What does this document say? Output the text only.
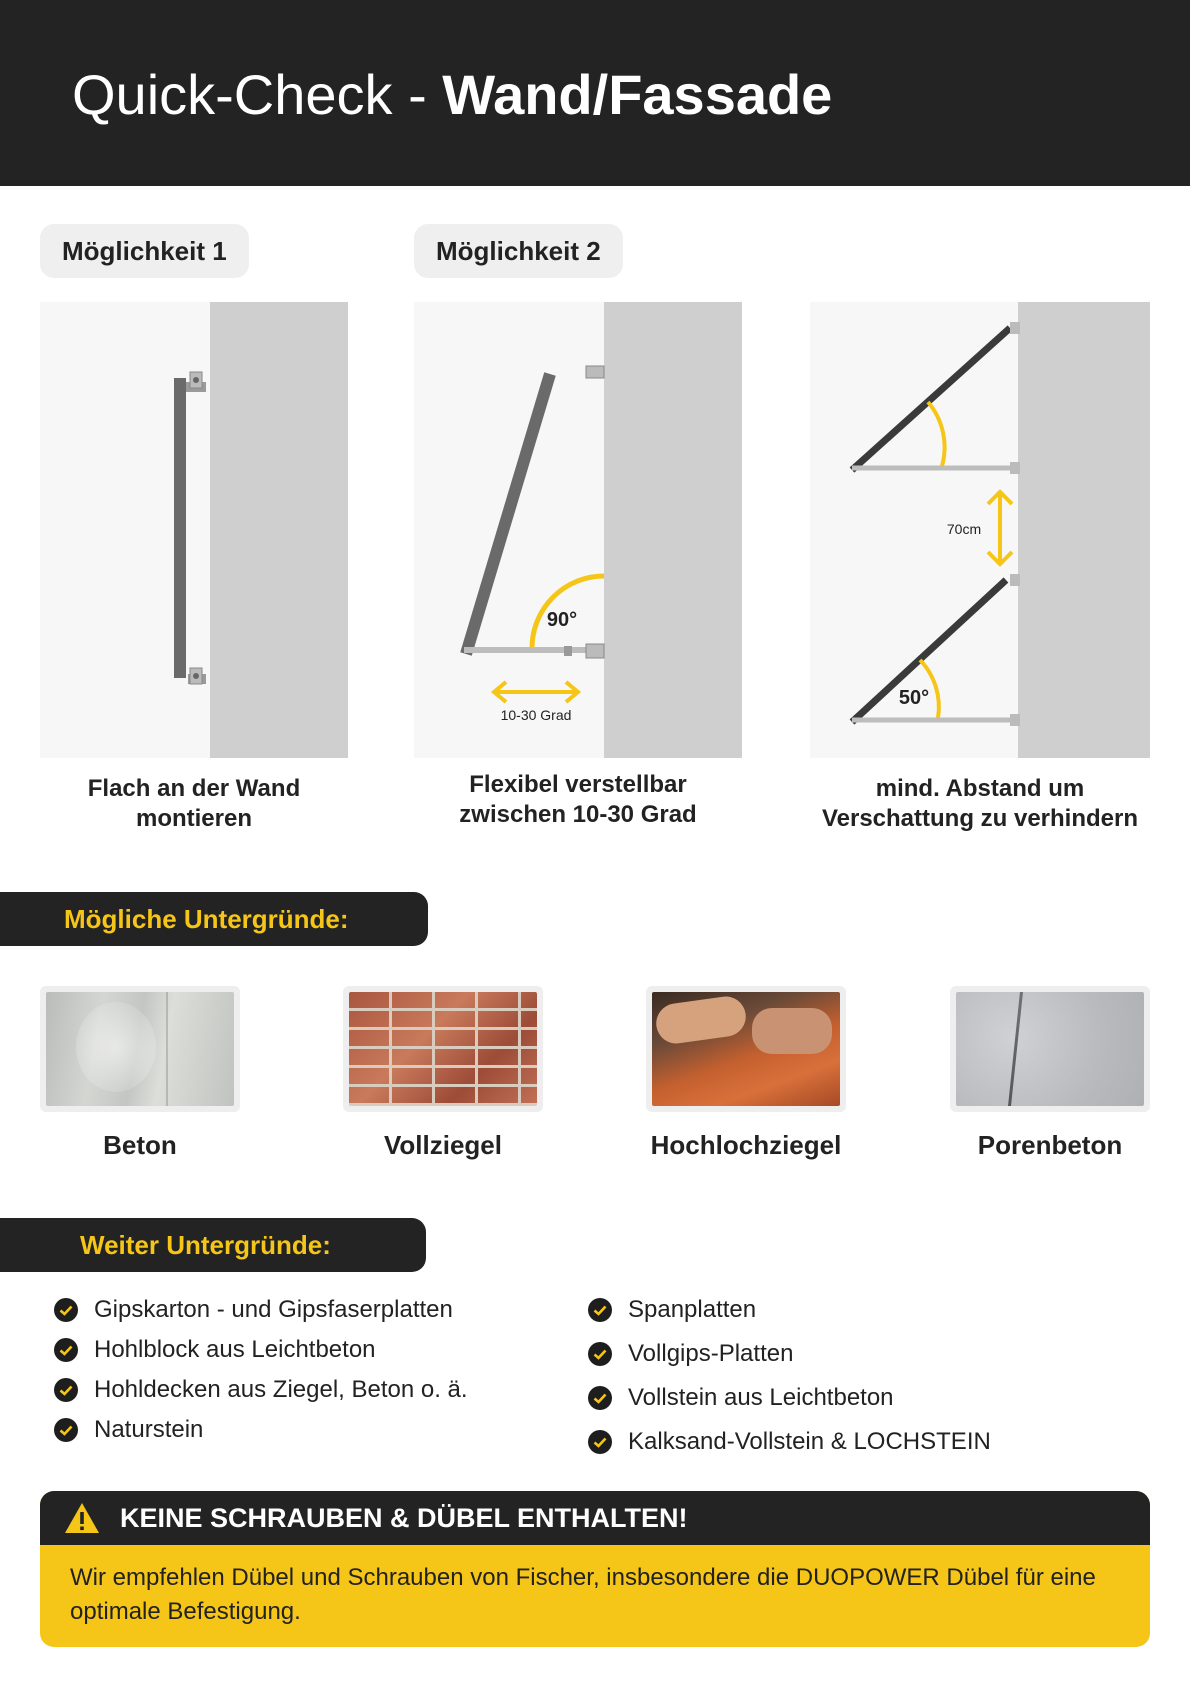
Quick-Check - Wand/Fassade
Möglichkeit 1	Möglichkeit 2
Flach an der Wand
montieren
90°
10-30 Grad
Flexibel verstellbar
zwischen 10-30 Grad
70cm
50°
mind. Abstand um
Verschattung zu verhindern
Mögliche Untergründe:
Beton	Vollziegel	Hochlochziegel	Porenbeton
Weiter Untergründe:
Gipskarton - und Gipsfaserplatten
Hohlblock aus Leichtbeton
Hohldecken aus Ziegel, Beton o. ä.
Naturstein
Spanplatten
Vollgips-Platten
Vollstein aus Leichtbeton
Kalksand-Vollstein & LOCHSTEIN
KEINE SCHRAUBEN & DÜBEL ENTHALTEN!
Wir empfehlen Dübel und Schrauben von Fischer, insbesondere die DUOPOWER Dübel für eine optimale Befestigung.
